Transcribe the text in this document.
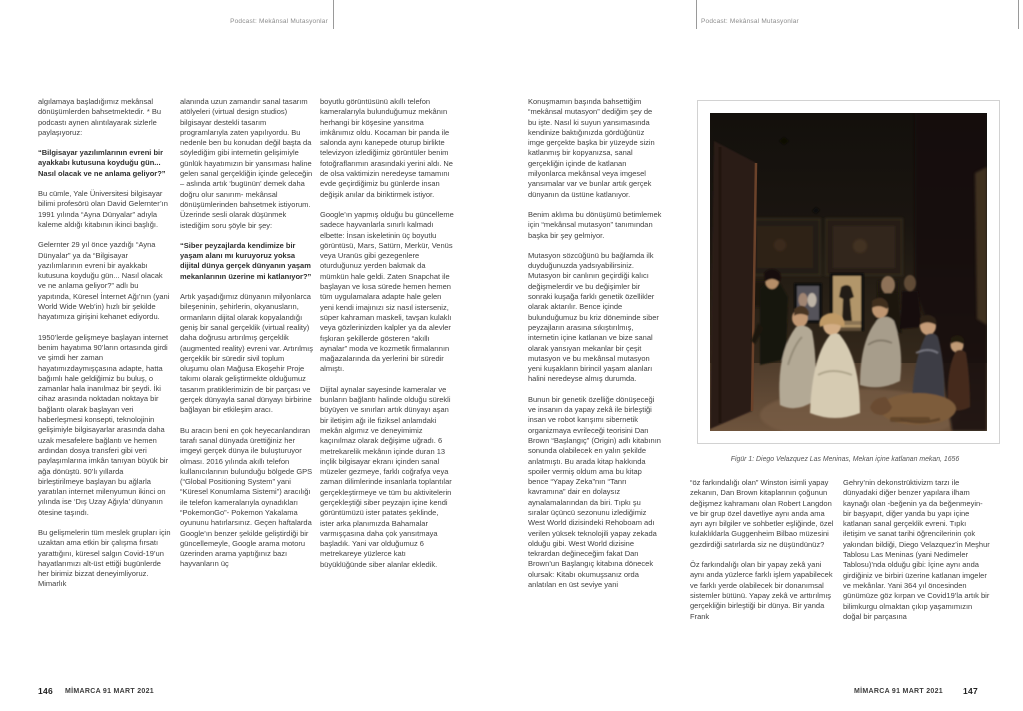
Podcast: Mekânsal Mutasyonlar	Podcast: Mekânsal Mutasyonlar

algılamaya başladığımız mekânsal dönüşümlerden bahsetmektedir. * Bu podcastı aynen alıntılayarak sizlerle paylaşıyoruz:

“Bilgisayar yazılımlarının evreni bir ayakkabı kutusuna koyduğu gün... Nasıl olacak ve ne anlama geliyor?”

Bu cümle, Yale Üniversitesi bilgisayar bilimi profesörü olan David Gelernter’ın 1991 yılında “Ayna Dünyalar” adıyla kaleme aldığı kitabının ikinci başlığı.

Gelernter 29 yıl önce yazdığı “Ayna Dünyalar” ya da “Bilgisayar yazılımlarının evreni bir ayakkabı kutusuna koyduğu gün... Nasıl olacak ve ne anlama geliyor?” adlı bu yapıtında, Küresel İnternet Ağı’nın (yani World Wide Web’in) hızlı bir şekilde hayatımıza girişini kehanet ediyordu.

1950’lerde gelişmeye başlayan internet benim hayatıma 90’ların ortasında girdi ve şimdi her zaman hayatımızdaymışçasına adapte, hatta bağımlı hale geldiğimiz bu buluş, o zamanlar hala inanılmaz bir şeydi. İki cihaz arasında noktadan noktaya bir bağlantı olarak başlayan veri haberleşmesi konsepti, teknolojinin gelişimiyle bilgisayarlar arasında daha uzak mesafelere bağlantı ve hemen ardından dosya transferi gibi veri paylaşımlarına imkân tanıyan büyük bir ağa dönüştü. 90’lı yıllarda birleştirilmeye başlayan bu ağlarla yaratılan internet milenyumun ikinci on yılında ise ‘Dış Uzay Ağıyla’ dünyanın ötesine taşındı.

Bu gelişmelerin tüm meslek grupları için uzaktan ama etkin bir çalışma fırsatı yarattığını, küresel salgın Covid-19’un hayatlarımızı alt-üst ettiği bugünlerde her birimiz bizzat deneyimliyoruz. Mimarlık

alanında uzun zamandır sanal tasarım atölyeleri (virtual design studios) bilgisayar destekli tasarım programlarıyla zaten yapılıyordu. Bu nedenle ben bu konudan değil başta da söylediğim gibi internetin gelişimiyle günlük hayatımızın bir yansıması haline gelen sanal gerçekliğin içinde geleceğin – aslında artık ‘bugünün’ demek daha doğru olur sanırım- mekânsal dönüşümlerinden bahsetmek istiyorum. Üzerinde sesli olarak düşünmek istediğim soru şöyle bir şey:

“Siber peyzajlarda kendimize bir yaşam alanı mı kuruyoruz yoksa dijital dünya gerçek dünyanın yaşam mekanlarının üzerine mi katlanıyor?”

Artık yaşadığımız dünyanın milyonlarca bileşeninin, şehirlerin, okyanusların, ormanların dijital olarak kopyalandığı geniş bir sanal gerçeklik (virtual reality) daha doğrusu artırılmış gerçeklik (augmented reality) evreni var. Artırılmış gerçeklik bir süredir sivil toplum oluşumu olan Mağusa Ekoşehir Proje takımı olarak geliştirmekte olduğumuz tasarım pratiklerimizin de bir parçası ve gerçek dünyayla sanal dünyayı birbirine bağlayan bir etkileşim aracı.

Bu aracın beni en çok heyecanlandıran tarafı sanal dünyada ürettiğiniz her imgeyi gerçek dünya ile buluşturuyor olması. 2016 yılında akıllı telefon kullanıcılarının bulunduğu bölgede GPS (“Global Positioning System” yani “Küresel Konumlama Sistemi”) aracılığı ile telefon kameralarıyla oynadıkları “PokemonGo”- Pokemon Yakalama oyununu hatırlarsınız. Geçen haftalarda Google’ın benzer şekilde geliştirdiği bir güncellemeyle, Google arama motoru üzerinden arama yaptığınız bazı hayvanların üç

boyutlu görüntüsünü akıllı telefon kameralarıyla bulunduğumuz mekânın herhangi bir köşesine yansıtma imkânımız oldu. Kocaman bir panda ile salonda aynı kanepede oturup birlikte televizyon izlediğimiz görüntüler benim fotoğraflarımın arasındaki yerini aldı. Ne de olsa vaktimizin neredeyse tamamını evde geçirdiğimiz bu günlerde insan değişik anılar da biriktirmek istiyor.

Google’ın yapmış olduğu bu güncelleme sadece hayvanlarla sınırlı kalmadı elbette: İnsan iskeletinin üç boyutlu görüntüsü, Mars, Satürn, Merkür, Venüs veya Uranüs gibi gezegenlere oturduğunuz yerden bakmak da mümkün hale geldi. Zaten Snapchat ile başlayan ve kısa sürede hemen hemen tüm uygulamalara adapte hale gelen yeni kendi imajınızı siz nasıl isterseniz, süper kahraman maskeli, tavşan kulaklı veya gözlerinizden kalpler ya da alevler fışkıran şekillerde gösteren “akıllı aynalar” moda ve kozmetik firmalarının mağazalarında da yerlerini bir süredir almıştı.

Dijital aynalar sayesinde kameralar ve bunların bağlantı halinde olduğu sürekli büyüyen ve sınırları artık dünyayı aşan bir iletişim ağı ile fiziksel anlamdaki mekân algımız ve deneyimimiz kaçınılmaz olarak değişime uğradı. 6 metrekarelik mekânın içinde duran 13 inçlik bilgisayar ekranı içinden sanal müzeler gezmeye, farklı coğrafya veya zaman dilimlerinde insanlarla toplantılar gerçekleştirmeye ve tüm bu aktivitelerin gerçekleştiği siber peyzajın içine kendi görüntümüzü ister patates şeklinde, ister arka planımızda Bahamalar varmışçasına daha çok yansıtmaya başladık. Yani var olduğumuz 6 metrekareye yüzlerce katı büyüklüğünde siber alanlar ekledik.

Konuşmamın başında bahsettiğim “mekânsal mutasyon” dediğim şey de bu işte. Nasıl ki suyun yansımasında kendinize baktığınızda gördüğünüz imge gerçekte başka bir yüzeyde sizin katlanmış bir kopyanızsa, sanal gerçekliğin içinde de katlanan milyonlarca mekânsal veya imgesel yansımalar var ve bunlar artık gerçek dünyanın da üstüne katlanıyor.

Benim aklıma bu dönüşümü betimlemek için “mekânsal mutasyon” tanımından başka bir şey gelmiyor.

Mutasyon sözcüğünü bu bağlamda ilk duyduğunuzda yadsıyabilirsiniz. Mutasyon bir canlının geçirdiği kalıcı değişmelerdir ve bu değişimler bir sonraki kuşağa farklı genetik özellikler olarak aktarılır. Bence içinde bulunduğumuz bu kriz döneminde siber peyzajların arasına sıkıştırılmış, internetin içine katlanan ve bize sanal olarak yansıyan mekanlar bir çeşit mutasyon ve bu mekânsal mutasyon yeni kuşakların birincil yaşam alanları halini neredeyse almış durumda.

Bunun bir genetik özelliğe dönüşeceği ve insanın da yapay zekâ ile birleştiği insan ve robot karışımı sibernetik organizmaya evrileceği teorisini Dan Brown “Başlangıç” (Origin) adlı kitabının sonunda olabilecek en yalın şekilde anlatmıştı. Bu arada kitap hakkında spoiler vermiş oldum ama bu kitap bence “Yapay Zeka”nın “Tanrı kavramına” dair en dolaysız aynalamalarından da biri. Tıpkı şu sıralar üçüncü sezonunu izlediğimiz West World dizisindeki Rehoboam adı verilen yüksek teknolojili yapay zekada olduğu gibi. West World dizisine tekrardan değineceğim fakat Dan Brown’un Başlangıç kitabına dönecek olursak: Kitabı okumuşsanız orda anlatılan en üst seviye yani

Figür 1: Diego Velazquez Las Meninas, Mekan içine katlanan mekan, 1656

“öz farkındalığı olan” Winston isimli yapay zekanın, Dan Brown kitaplarının çoğunun değişmez kahramanı olan Robert Langdon ve bir grup özel davetliye aynı anda ama ayrı ayrı bilgiler ve sohbetler eşliğinde, özel kulaklıklarla Guggenheim Bilbao müzesini gezdirdiği satırlarda siz ne düşündünüz?

Öz farkındalığı olan bir yapay zekâ yani aynı anda yüzlerce farklı işlem yapabilecek ve farklı yerde olabilecek bir donanımsal sistemler bütünü. Yapay zekâ ve arttırılmış gerçekliğin birleştiği bir dünya. Bir yanda Frank

Gehry’nin dekonstrüktivizm tarzı ile dünyadaki diğer benzer yapılara ilham kaynağı olan -beğenin ya da beğenmeyin- bir başyapıt, diğer yanda bu yapı içine katlanan sanal gerçeklik evreni. Tıpkı iletişim ve sanat tarihi öğrencilerinin çok yakından bildiği, Diego Velazquez’in Meşhur Tablosu Las Meninas (yani Nedimeler Tablosu)’nda olduğu gibi: İçine aynı anda girdiğiniz ve birbiri üzerine katlanan imgeler ve mekânlar. Yani 364 yıl öncesinden günümüze göz kırpan ve Covid19’la artık bir bilimkurgu olmaktan çıkıp yaşamımızın doğal bir parçasına

146 MİMARCA 91 MART 2021	MİMARCA 91 MART 2021 147
